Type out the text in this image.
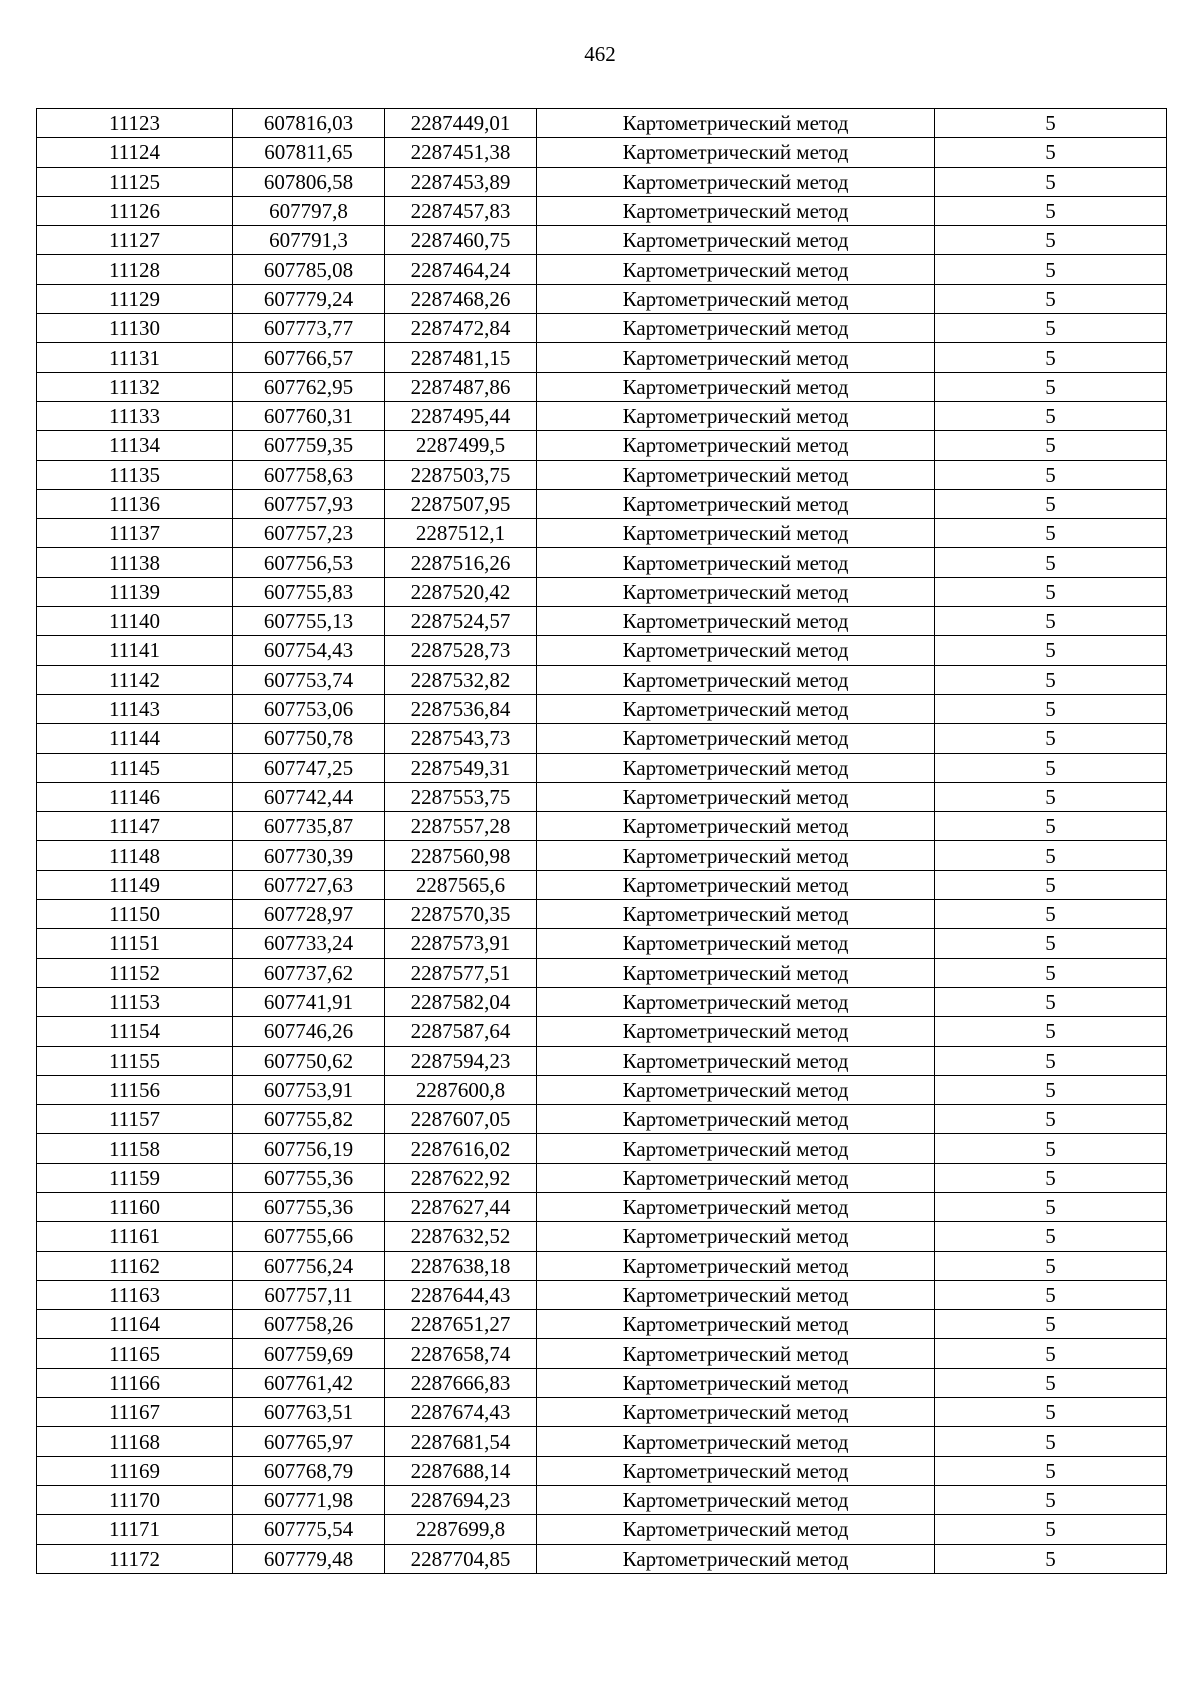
462
11123	607816,03	2287449,01	Картометрический метод	5
11124	607811,65	2287451,38	Картометрический метод	5
11125	607806,58	2287453,89	Картометрический метод	5
11126	607797,8	2287457,83	Картометрический метод	5
11127	607791,3	2287460,75	Картометрический метод	5
11128	607785,08	2287464,24	Картометрический метод	5
11129	607779,24	2287468,26	Картометрический метод	5
11130	607773,77	2287472,84	Картометрический метод	5
11131	607766,57	2287481,15	Картометрический метод	5
11132	607762,95	2287487,86	Картометрический метод	5
11133	607760,31	2287495,44	Картометрический метод	5
11134	607759,35	2287499,5	Картометрический метод	5
11135	607758,63	2287503,75	Картометрический метод	5
11136	607757,93	2287507,95	Картометрический метод	5
11137	607757,23	2287512,1	Картометрический метод	5
11138	607756,53	2287516,26	Картометрический метод	5
11139	607755,83	2287520,42	Картометрический метод	5
11140	607755,13	2287524,57	Картометрический метод	5
11141	607754,43	2287528,73	Картометрический метод	5
11142	607753,74	2287532,82	Картометрический метод	5
11143	607753,06	2287536,84	Картометрический метод	5
11144	607750,78	2287543,73	Картометрический метод	5
11145	607747,25	2287549,31	Картометрический метод	5
11146	607742,44	2287553,75	Картометрический метод	5
11147	607735,87	2287557,28	Картометрический метод	5
11148	607730,39	2287560,98	Картометрический метод	5
11149	607727,63	2287565,6	Картометрический метод	5
11150	607728,97	2287570,35	Картометрический метод	5
11151	607733,24	2287573,91	Картометрический метод	5
11152	607737,62	2287577,51	Картометрический метод	5
11153	607741,91	2287582,04	Картометрический метод	5
11154	607746,26	2287587,64	Картометрический метод	5
11155	607750,62	2287594,23	Картометрический метод	5
11156	607753,91	2287600,8	Картометрический метод	5
11157	607755,82	2287607,05	Картометрический метод	5
11158	607756,19	2287616,02	Картометрический метод	5
11159	607755,36	2287622,92	Картометрический метод	5
11160	607755,36	2287627,44	Картометрический метод	5
11161	607755,66	2287632,52	Картометрический метод	5
11162	607756,24	2287638,18	Картометрический метод	5
11163	607757,11	2287644,43	Картометрический метод	5
11164	607758,26	2287651,27	Картометрический метод	5
11165	607759,69	2287658,74	Картометрический метод	5
11166	607761,42	2287666,83	Картометрический метод	5
11167	607763,51	2287674,43	Картометрический метод	5
11168	607765,97	2287681,54	Картометрический метод	5
11169	607768,79	2287688,14	Картометрический метод	5
11170	607771,98	2287694,23	Картометрический метод	5
11171	607775,54	2287699,8	Картометрический метод	5
11172	607779,48	2287704,85	Картометрический метод	5
